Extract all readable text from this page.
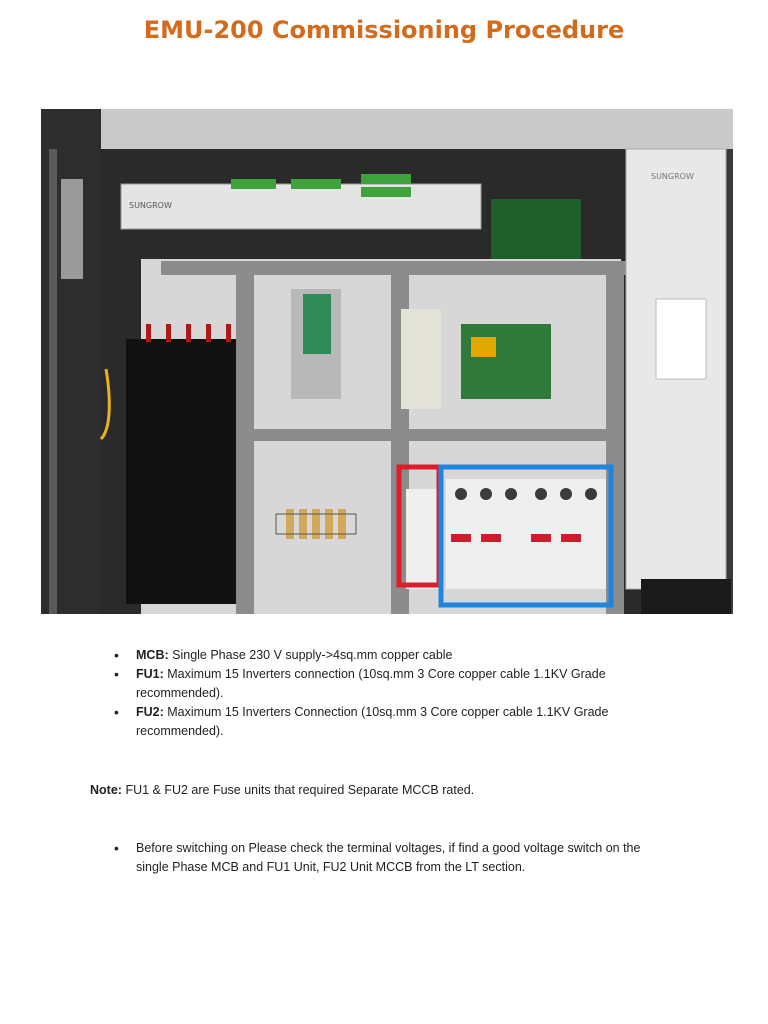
EMU-200 Commissioning Procedure
SUNGROW
SUNGROW
• MCB: Single Phase 230 V supply->4sq.mm copper cable
• FU1: Maximum 15 Inverters connection (10sq.mm 3 Core copper cable 1.1KV Grade recommended).
• FU2: Maximum 15 Inverters Connection (10sq.mm 3 Core copper cable 1.1KV Grade recommended).
Note: FU1 & FU2 are Fuse units that required Separate MCCB rated.
• Before switching on Please check the terminal voltages, if find a good voltage switch on the single Phase MCB and FU1 Unit, FU2 Unit MCCB from the LT section.
